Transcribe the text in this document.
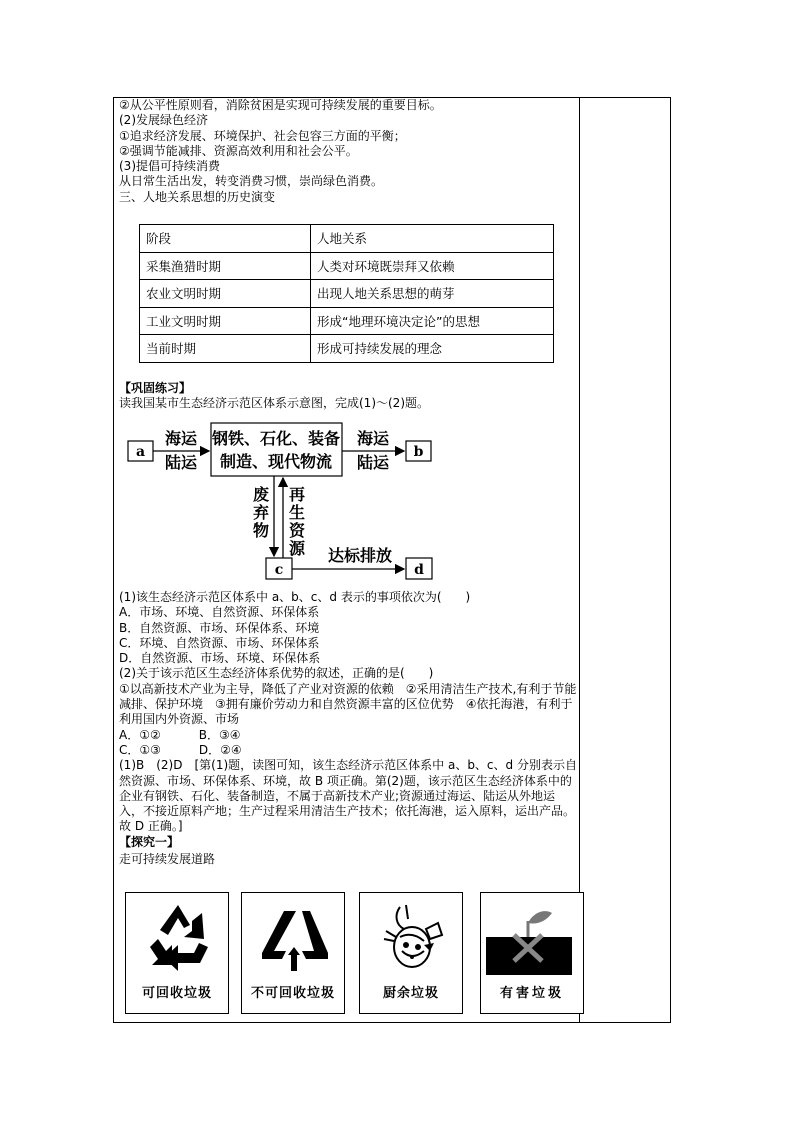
②从公平性原则看，消除贫困是实现可持续发展的重要目标。

(2)发展绿色经济

①追求经济发展、环境保护、社会包容三方面的平衡；

②强调节能减排、资源高效利用和社会公平。

(3)提倡可持续消费

从日常生活出发，转变消费习惯，崇尚绿色消费。

三、人地关系思想的历史演变

阶段	人地关系
采集渔猎时期	人类对环境既崇拜又依赖
农业文明时期	出现人地关系思想的萌芽
工业文明时期	形成“地理环境决定论”的思想
当前时期	形成可持续发展的理念

【巩固练习】

读我国某市生态经济示范区体系示意图，完成(1)～(2)题。

a
海运
陆运
钢铁、石化、装备
制造、现代物流
海运
陆运
b
废
弃
物
再
生
资
源
c
达标排放
d

(1)该生态经济示范区体系中 a、b、c、d 表示的事项依次为(　　)

A．市场、环境、自然资源、环保体系

B．自然资源、市场、环保体系、环境

C．环境、自然资源、市场、环保体系

D．自然资源、市场、环境、环保体系

(2)关于该示范区生态经济体系优势的叙述，正确的是(　　)

①以高新技术产业为主导，降低了产业对资源的依赖　②采用清洁生产技术,有利于节能减排、保护环境　③拥有廉价劳动力和自然资源丰富的区位优势　④依托海港，有利于利用国内外资源、市场

A．①②	B．③④

C．①③	D．②④

(1)B　(2)D　[第(1)题，读图可知，该生态经济示范区体系中 a、b、c、d 分别表示自然资源、市场、环保体系、环境，故 B 项正确。第(2)题，该示范区生态经济体系中的企业有钢铁、石化、装备制造，不属于高新技术产业;资源通过海运、陆运从外地运入，不接近原料产地；生产过程采用清洁生产技术；依托海港，运入原料，运出产品。故 D 正确。]

【探究一】

走可持续发展道路

可回收垃圾	不可回收垃圾	厨余垃圾	有害垃圾
